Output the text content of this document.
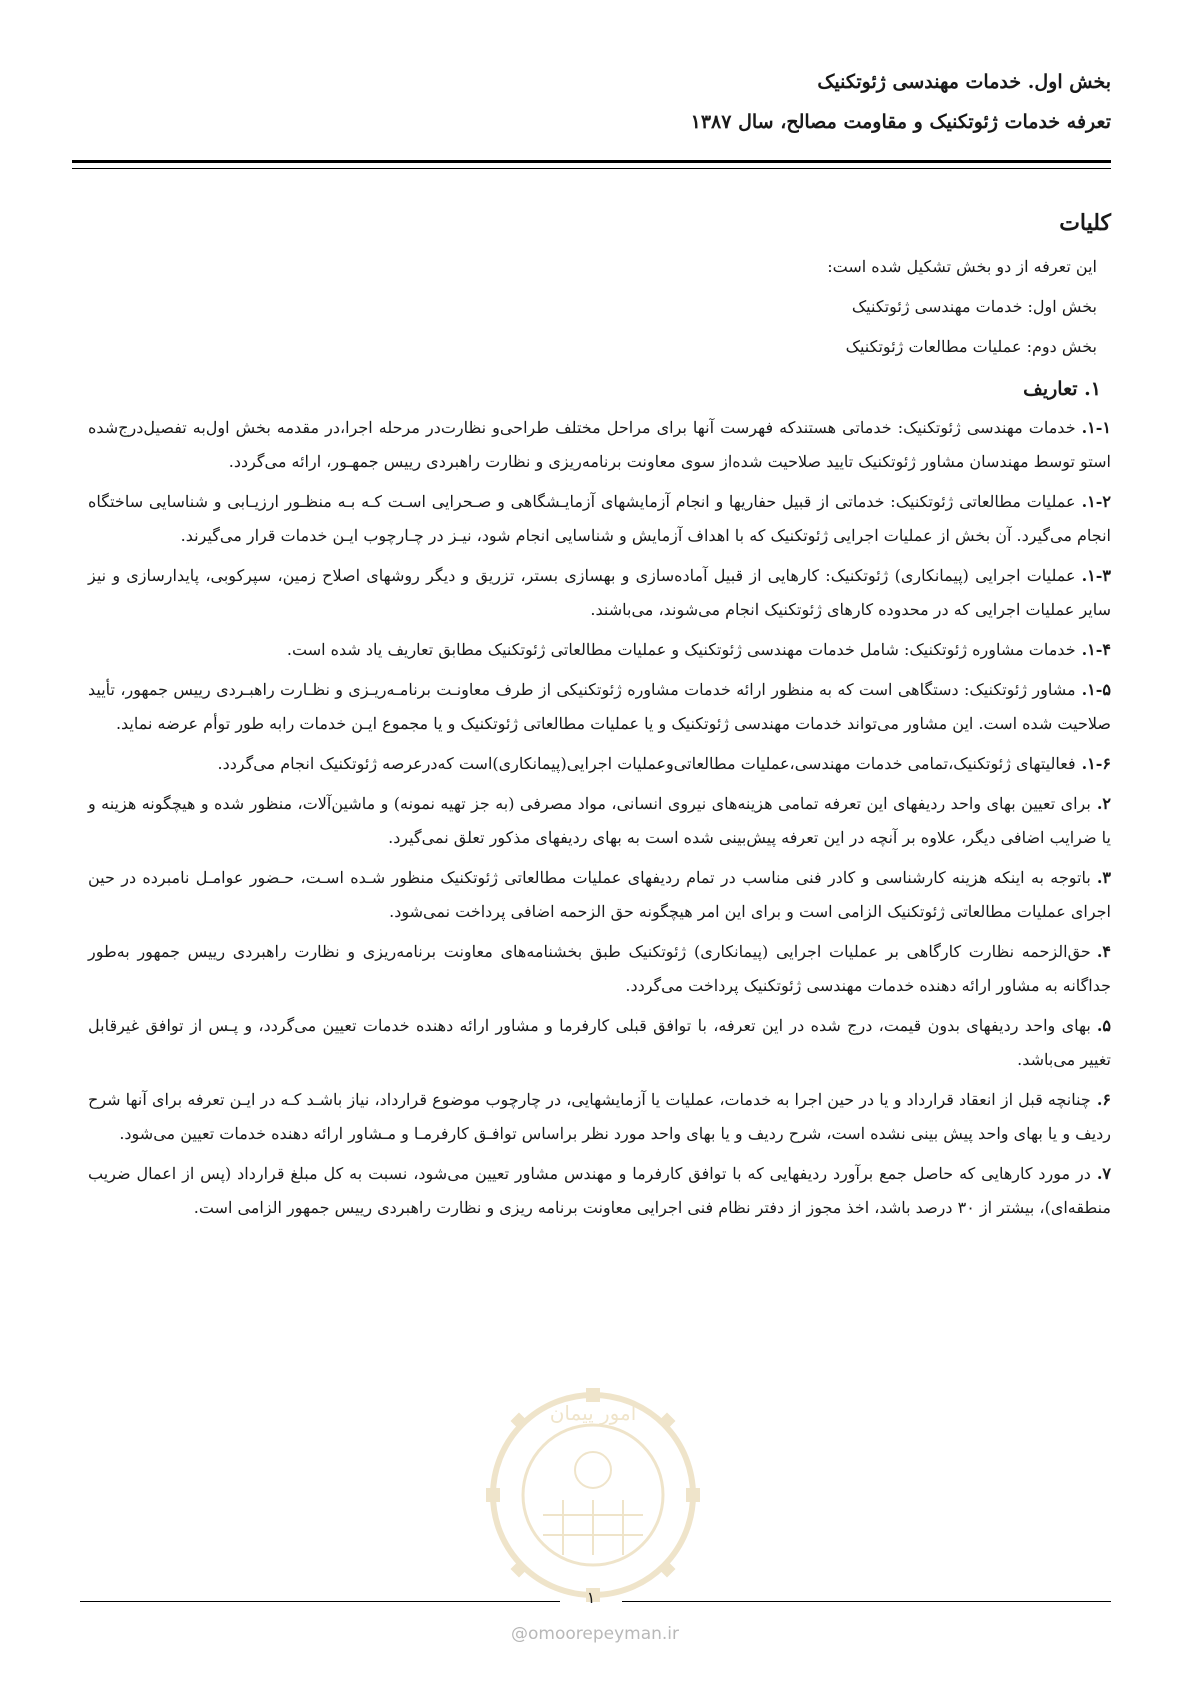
بخش اول. خدمات مهندسی ژئوتکنیک
تعرفه خدمات ژئوتکنیک و مقاومت مصالح، سال ۱۳۸۷
کلیات
این تعرفه از دو بخش تشکیل شده است:
بخش اول: خدمات مهندسی ژئوتکنیک
بخش دوم: عملیات مطالعات ژئوتکنیک
۱. تعاریف
۱-۱.خدمات مهندسی ژئوتکنیک: خدماتی هستندکه فهرست آنها برای مراحل مختلف طراحی‌و نظارت‌در مرحله اجرا،در مقدمه بخش اول‌به تفصیل‌درج‌شده استو توسط مهندسان مشاور ژئوتکنیک تایید صلاحیت شده‌از سوی معاونت برنامه‌ریزی و نظارت راهبردی رییس جمهـور، ارائه می‌گردد.
۱-۲.عملیات مطالعاتی ژئوتکنیک: خدماتی از قبیل حفاریها و انجام آزمایشهای آزمایـشگاهی و صـحرایی اسـت کـه بـه منظـور ارزیـابی و شناسایی ساختگاه انجام می‌گیرد. آن بخش از عملیات اجرایی ژئوتکنیک که با اهداف آزمایش و شناسایی انجام شود، نیـز در چـارچوب ایـن خدمات قرار می‌گیرند.
۱-۳.عملیات اجرایی (پیمانکاری) ژئوتکنیک: کارهایی از قبیل آماده‌سازی و بهسازی بستر، تزریق و دیگر روشهای اصلاح زمین، سپرکوبی، پایدارسازی و نیز سایر عملیات اجرایی که در محدوده کارهای ژئوتکنیک انجام می‌شوند، می‌باشند.
۱-۴.خدمات مشاوره ژئوتکنیک: شامل خدمات مهندسی ژئوتکنیک و عملیات مطالعاتی ژئوتکنیک مطابق تعاریف یاد شده است.
۱-۵.مشاور ژئوتکنیک: دستگاهی است که به منظور ارائه خدمات مشاوره ژئوتکنیکی از طرف معاونـت برنامـه‌ریـزی و نظـارت راهبـردی رییس جمهور، تأیید صلاحیت شده است. این مشاور می‌تواند خدمات مهندسی ژئوتکنیک و یا عملیات مطالعاتی ژئوتکنیک و یا مجموع ایـن خدمات رابه طور توأم عرضه نماید.
۱-۶.فعالیتهای ژئوتکنیک،تمامی خدمات مهندسی،عملیات مطالعاتی‌وعملیات اجرایی(پیمانکاری)است که‌درعرصه ژئوتکنیک انجام می‌گردد.
۲.برای تعیین بهای واحد ردیفهای این تعرفه تمامی هزینه‌های نیروی انسانی، مواد مصرفی (به جز تهیه نمونه) و ماشین‌آلات، منظور شده و هیچگونه هزینه و یا ضرایب اضافی دیگر، علاوه بر آنچه در این تعرفه پیش‌بینی شده است به بهای ردیفهای مذکور تعلق نمی‌گیرد.
۳.باتوجه به اینکه هزینه کارشناسی و کادر فنی مناسب در تمام ردیفهای عملیات مطالعاتی ژئوتکنیک منظور شـده اسـت، حـضور عوامـل نامبرده در حین اجرای عملیات مطالعاتی ژئوتکنیک الزامی است و برای این امر هیچگونه حق الزحمه اضافی پرداخت نمی‌شود.
۴.حق‌الزحمه نظارت کارگاهی بر عملیات اجرایی (پیمانکاری) ژئوتکنیک طبق بخشنامه‌های معاونت برنامه‌ریزی و نظارت راهبردی رییس جمهور به‌طور جداگانه به مشاور ارائه دهنده خدمات مهندسی ژئوتکنیک پرداخت می‌گردد.
۵.بهای واحد ردیفهای بدون قیمت، درج شده در این تعرفه، با توافق قبلی کارفرما و مشاور ارائه دهنده خدمات تعیین می‌گردد، و پـس از توافق غیرقابل تغییر می‌باشد.
۶.چنانچه قبل از انعقاد قرارداد و یا در حین اجرا به خدمات، عملیات یا آزمایشهایی، در چارچوب موضوع قرارداد، نیاز باشـد کـه در ایـن تعرفه برای آنها شرح ردیف و یا بهای واحد پیش بینی نشده است، شرح ردیف و یا بهای واحد مورد نظر براساس توافـق کارفرمـا و مـشاور ارائه دهنده خدمات تعیین می‌شود.
۷.در مورد کارهایی که حاصل جمع برآورد ردیفهایی که با توافق کارفرما و مهندس مشاور تعیین می‌شود، نسبت به کل مبلغ قرارداد (پس از اعمال ضریب منطقه‌ای)، بیشتر از ۳۰ درصد باشد، اخذ مجوز از دفتر نظام فنی اجرایی معاونت برنامه ریزی و نظارت راهبردی رییس جمهور الزامی است.
امور پیمان
۱
@omoorepeyman.ir
